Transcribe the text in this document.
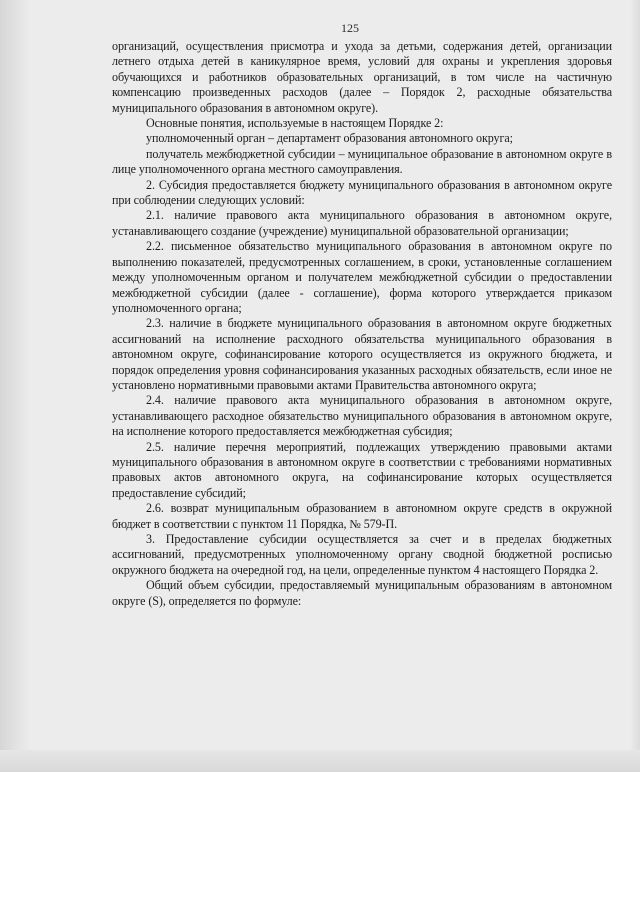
125

организаций, осуществления присмотра и ухода за детьми, содержания детей, организации летнего отдыха детей в каникулярное время, условий для охраны и укрепления здоровья обучающихся и работников образовательных организаций, в том числе на частичную компенсацию произведенных расходов (далее – Порядок 2, расходные обязательства муниципального образования в автономном округе).

Основные понятия, используемые в настоящем Порядке 2:

уполномоченный орган – департамент образования автономного округа;

получатель межбюджетной субсидии – муниципальное образование в автономном округе в лице уполномоченного органа местного самоуправления.

2. Субсидия предоставляется бюджету муниципального образования в автономном округе при соблюдении следующих условий:

2.1. наличие правового акта муниципального образования в автономном округе, устанавливающего создание (учреждение) муниципальной образовательной организации;

2.2. письменное обязательство муниципального образования в автономном округе по выполнению показателей, предусмотренных соглашением, в сроки, установленные соглашением между уполномоченным органом и получателем межбюджетной субсидии о предоставлении межбюджетной субсидии (далее - соглашение), форма которого утверждается приказом уполномоченного органа;

2.3. наличие в бюджете муниципального образования в автономном округе бюджетных ассигнований на исполнение расходного обязательства муниципального образования в автономном округе, софинансирование которого осуществляется из окружного бюджета, и порядок определения уровня софинансирования указанных расходных обязательств, если иное не установлено нормативными правовыми актами Правительства автономного округа;

2.4. наличие правового акта муниципального образования в автономном округе, устанавливающего расходное обязательство муниципального образования в автономном округе, на исполнение которого предоставляется межбюджетная субсидия;

2.5. наличие перечня мероприятий, подлежащих утверждению правовыми актами муниципального образования в автономном округе в соответствии с требованиями нормативных правовых актов автономного округа, на софинансирование которых осуществляется предоставление субсидий;

2.6. возврат муниципальным образованием в автономном округе средств в окружной бюджет в соответствии с пунктом 11 Порядка, № 579-П.

3. Предоставление субсидии осуществляется за счет и в пределах бюджетных ассигнований, предусмотренных уполномоченному органу сводной бюджетной росписью окружного бюджета на очередной год, на цели, определенные пунктом 4 настоящего Порядка 2.

Общий объем субсидии, предоставляемый муниципальным образованиям в автономном округе (S), определяется по формуле:
